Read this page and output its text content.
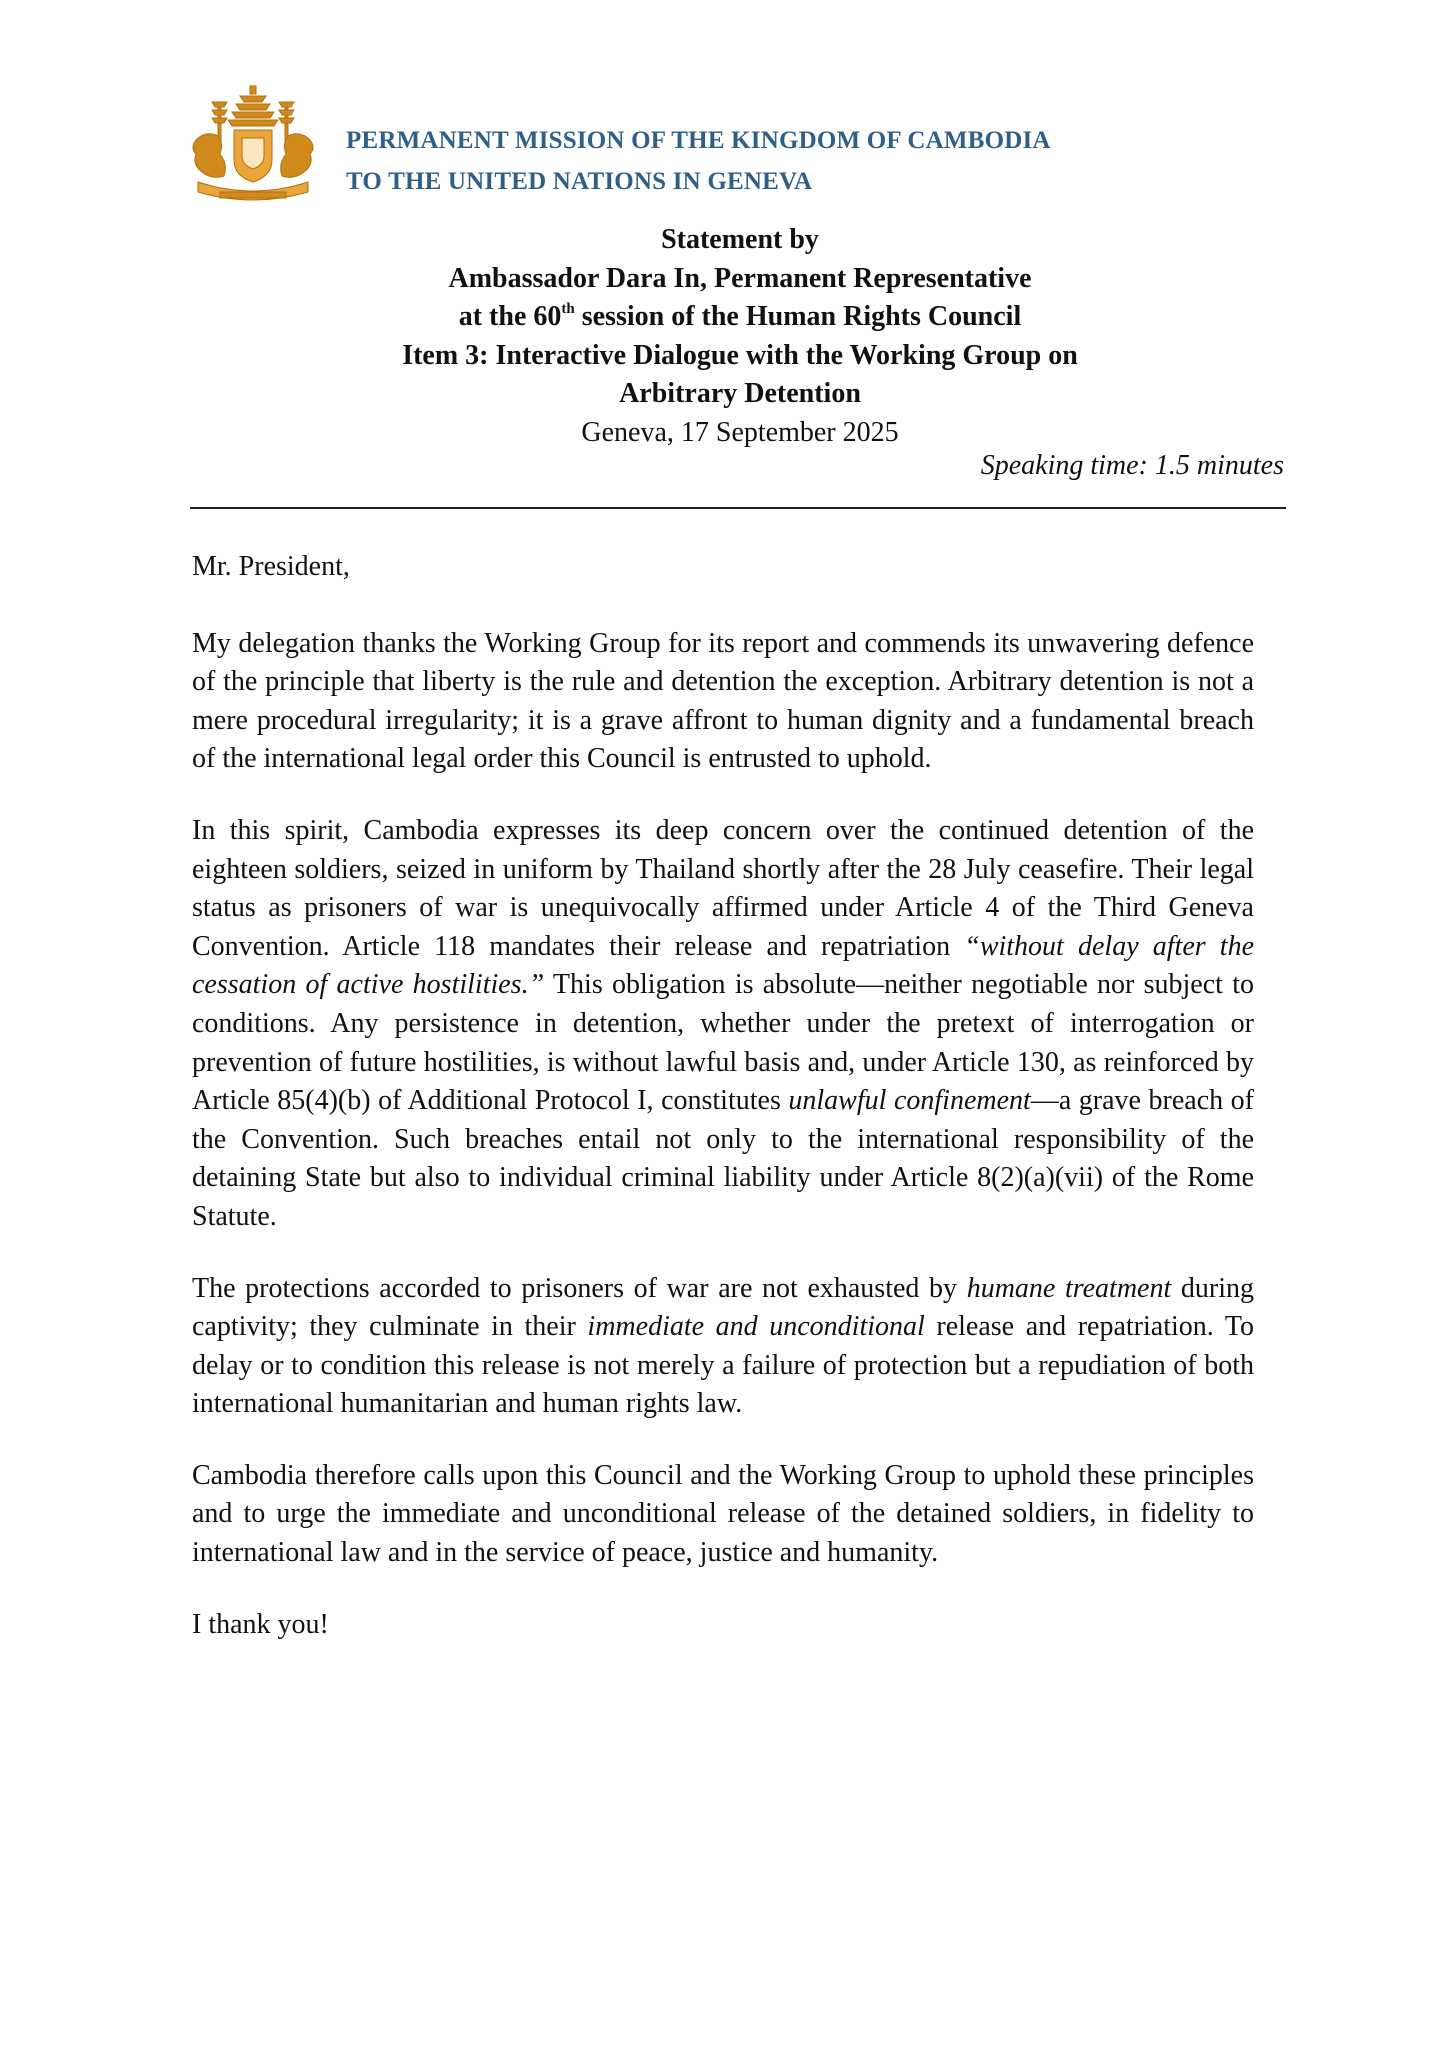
PERMANENT MISSION OF THE KINGDOM OF CAMBODIA
TO THE UNITED NATIONS IN GENEVA
Statement by
Ambassador Dara In, Permanent Representative
at the 60th session of the Human Rights Council
Item 3: Interactive Dialogue with the Working Group on
Arbitrary Detention
Geneva, 17 September 2025
Speaking time: 1.5 minutes

Mr. President,

My delegation thanks the Working Group for its report and commends its unwavering defence of the principle that liberty is the rule and detention the exception. Arbitrary detention is not a mere procedural irregularity; it is a grave affront to human dignity and a fundamental breach of the international legal order this Council is entrusted to uphold.

In this spirit, Cambodia expresses its deep concern over the continued detention of the eighteen soldiers, seized in uniform by Thailand shortly after the 28 July ceasefire. Their legal status as prisoners of war is unequivocally affirmed under Article 4 of the Third Geneva Convention. Article 118 mandates their release and repatriation “without delay after the cessation of active hostilities.” This obligation is absolute—neither negotiable nor subject to conditions. Any persistence in detention, whether under the pretext of interrogation or prevention of future hostilities, is without lawful basis and, under Article 130, as reinforced by Article 85(4)(b) of Additional Protocol I, constitutes unlawful confinement—a grave breach of the Convention. Such breaches entail not only to the international responsibility of the detaining State but also to individual criminal liability under Article 8(2)(a)(vii) of the Rome Statute.

The protections accorded to prisoners of war are not exhausted by humane treatment during captivity; they culminate in their immediate and unconditional release and repatriation. To delay or to condition this release is not merely a failure of protection but a repudiation of both international humanitarian and human rights law.

Cambodia therefore calls upon this Council and the Working Group to uphold these principles and to urge the immediate and unconditional release of the detained soldiers, in fidelity to international law and in the service of peace, justice and humanity.

I thank you!
